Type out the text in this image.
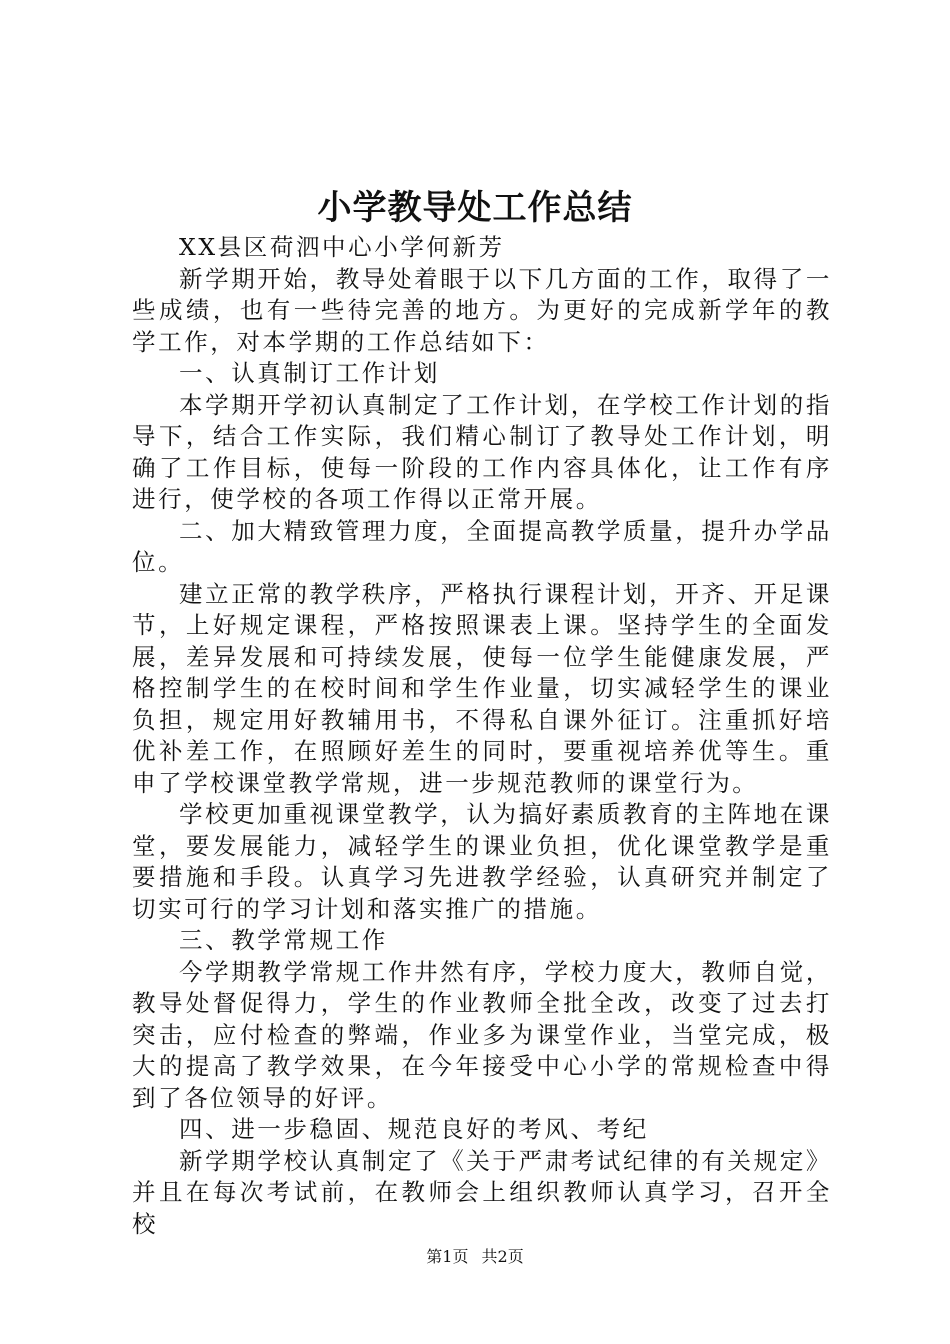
小学教导处工作总结

XX县区荷泗中心小学何新芳

新学期开始，教导处着眼于以下几方面的工作，取得了一些成绩，也有一些待完善的地方。为更好的完成新学年的教学工作，对本学期的工作总结如下：

一、认真制订工作计划

本学期开学初认真制定了工作计划，在学校工作计划的指导下，结合工作实际，我们精心制订了教导处工作计划，明确了工作目标，使每一阶段的工作内容具体化，让工作有序进行，使学校的各项工作得以正常开展。

二、加大精致管理力度，全面提高教学质量，提升办学品位。

建立正常的教学秩序，严格执行课程计划，开齐、开足课节，上好规定课程，严格按照课表上课。坚持学生的全面发展，差异发展和可持续发展，使每一位学生能健康发展，严格控制学生的在校时间和学生作业量，切实减轻学生的课业负担，规定用好教辅用书，不得私自课外征订。注重抓好培优补差工作，在照顾好差生的同时，要重视培养优等生。重申了学校课堂教学常规，进一步规范教师的课堂行为。

学校更加重视课堂教学，认为搞好素质教育的主阵地在课堂，要发展能力，减轻学生的课业负担，优化课堂教学是重要措施和手段。认真学习先进教学经验，认真研究并制定了切实可行的学习计划和落实推广的措施。

三、教学常规工作

今学期教学常规工作井然有序，学校力度大，教师自觉，教导处督促得力，学生的作业教师全批全改，改变了过去打突击，应付检查的弊端，作业多为课堂作业，当堂完成，极大的提高了教学效果，在今年接受中心小学的常规检查中得到了各位领导的好评。

四、进一步稳固、规范良好的考风、考纪

新学期学校认真制定了《关于严肃考试纪律的有关规定》并且在每次考试前，在教师会上组织教师认真学习，召开全校

第1页 共2页
